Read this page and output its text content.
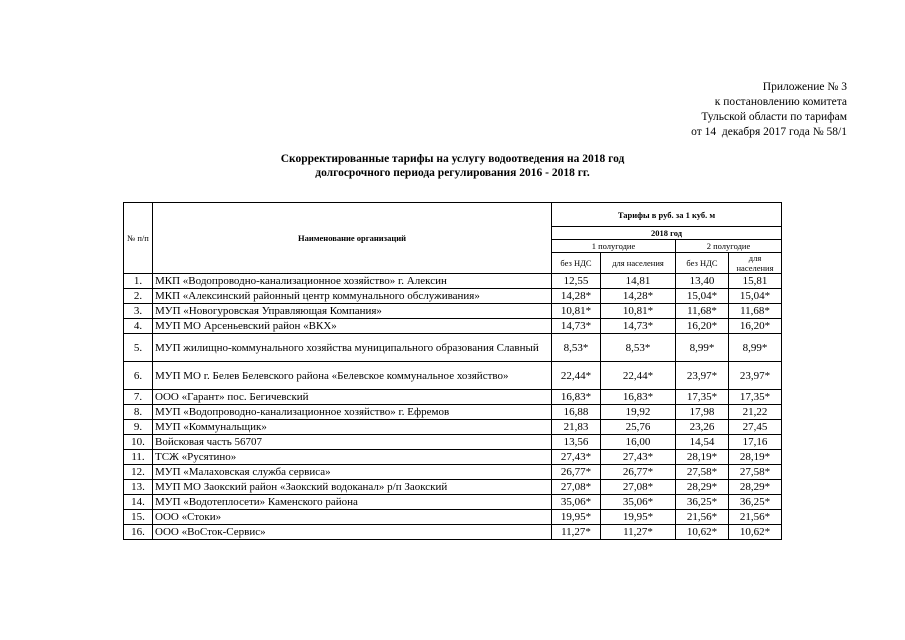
Приложение № 3
к постановлению комитета
Тульской области по тарифам
от 14  декабря 2017 года № 58/1
Скорректированные тарифы на услугу водоотведения на 2018 год
долгосрочного периода регулирования 2016 - 2018 гг.
№ п/п	Наименование организаций	Тарифы в руб. за 1 куб. м			
		2018 год			
		1 полугодие		2 полугодие	
		без НДС	для населения	без НДС	для населения
1.	МКП «Водопроводно-канализационное хозяйство» г. Алексин	12,55	14,81	13,40	15,81
2.	МКП «Алексинский районный центр коммунального обслуживания»	14,28*	14,28*	15,04*	15,04*
3.	МУП «Новогуровская Управляющая Компания»	10,81*	10,81*	11,68*	11,68*
4.	МУП МО Арсеньевский район «ВКХ»	14,73*	14,73*	16,20*	16,20*
5.	МУП жилищно-коммунального хозяйства муниципального образования Славный	8,53*	8,53*	8,99*	8,99*
6.	МУП МО г. Белев Белевского района «Белевское коммунальное хозяйство»	22,44*	22,44*	23,97*	23,97*
7.	ООО «Гарант» пос. Бегичевский	16,83*	16,83*	17,35*	17,35*
8.	МУП «Водопроводно-канализационное хозяйство» г. Ефремов	16,88	19,92	17,98	21,22
9.	МУП «Коммунальщик»	21,83	25,76	23,26	27,45
10.	Войсковая часть 56707	13,56	16,00	14,54	17,16
11.	ТСЖ «Русятино»	27,43*	27,43*	28,19*	28,19*
12.	МУП «Малаховская служба сервиса»	26,77*	26,77*	27,58*	27,58*
13.	МУП МО Заокский район «Заокский водоканал» р/п Заокский	27,08*	27,08*	28,29*	28,29*
14.	МУП «Водотеплосети» Каменского района	35,06*	35,06*	36,25*	36,25*
15.	ООО «Стоки»	19,95*	19,95*	21,56*	21,56*
16.	ООО «ВоСток-Сервис»	11,27*	11,27*	10,62*	10,62*
